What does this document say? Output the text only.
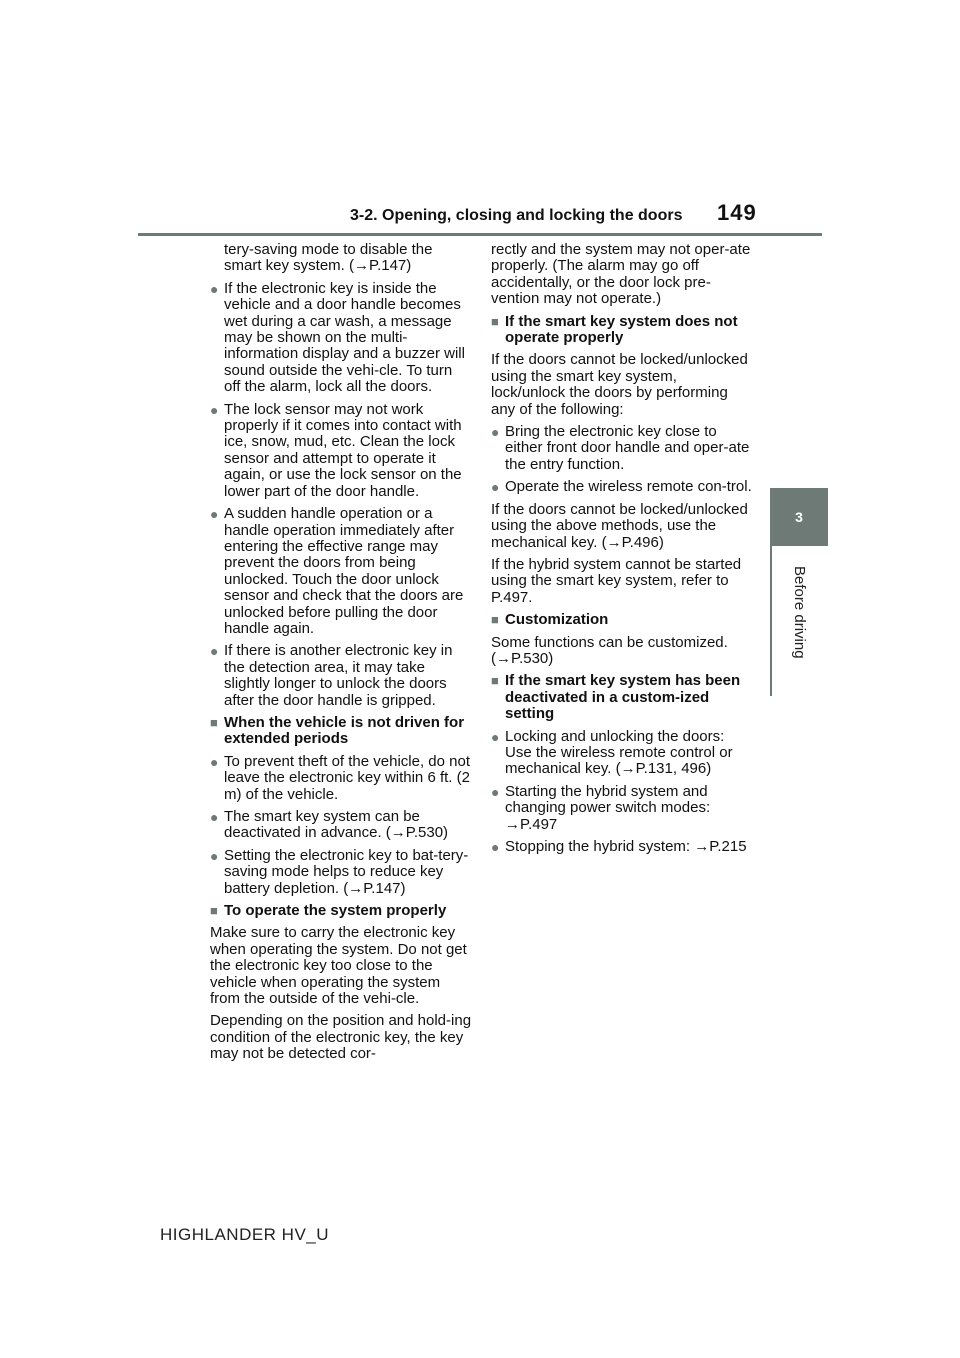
3-2. Opening, closing and locking the doors 149
3
Before driving

tery-saving mode to disable the smart key system. (→P.147)

● If the electronic key is inside the vehicle and a door handle becomes wet during a car wash, a message may be shown on the multi-information display and a buzzer will sound outside the vehi-cle. To turn off the alarm, lock all the doors.

● The lock sensor may not work properly if it comes into contact with ice, snow, mud, etc. Clean the lock sensor and attempt to operate it again, or use the lock sensor on the lower part of the door handle.

● A sudden handle operation or a handle operation immediately after entering the effective range may prevent the doors from being unlocked. Touch the door unlock sensor and check that the doors are unlocked before pulling the door handle again.

● If there is another electronic key in the detection area, it may take slightly longer to unlock the doors after the door handle is gripped.

■ When the vehicle is not driven for extended periods

● To prevent theft of the vehicle, do not leave the electronic key within 6 ft. (2 m) of the vehicle.

● The smart key system can be deactivated in advance. (→P.530)

● Setting the electronic key to bat-tery-saving mode helps to reduce key battery depletion. (→P.147)

■ To operate the system properly

Make sure to carry the electronic key when operating the system. Do not get the electronic key too close to the vehicle when operating the system from the outside of the vehi-cle.

Depending on the position and hold-ing condition of the electronic key, the key may not be detected cor-

rectly and the system may not oper-ate properly. (The alarm may go off accidentally, or the door lock pre-vention may not operate.)

■ If the smart key system does not operate properly

If the doors cannot be locked/unlocked using the smart key system, lock/unlock the doors by performing any of the following:

● Bring the electronic key close to either front door handle and oper-ate the entry function.

● Operate the wireless remote con-trol.

If the doors cannot be locked/unlocked using the above methods, use the mechanical key. (→P.496)

If the hybrid system cannot be started using the smart key system, refer to P.497.

■ Customization

Some functions can be customized. (→P.530)

■ If the smart key system has been deactivated in a custom-ized setting

● Locking and unlocking the doors: Use the wireless remote control or mechanical key. (→P.131, 496)

● Starting the hybrid system and changing power switch modes: →P.497

● Stopping the hybrid system: →P.215

HIGHLANDER HV_U
